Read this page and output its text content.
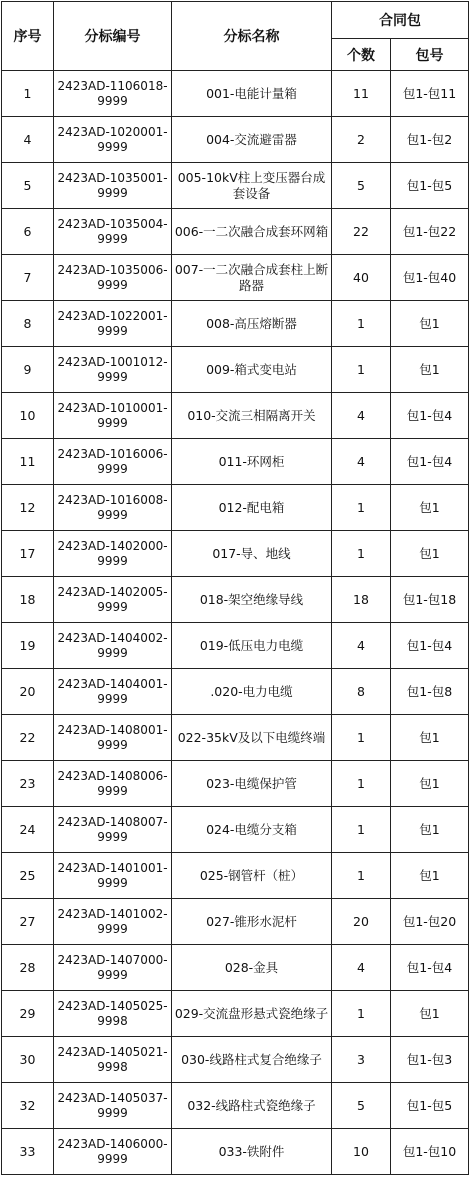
序号	分标编号	分标名称	合同包	
			个数	包号
1	2423AD-1106018-9999	001-电能计量箱	11	包1-包11
4	2423AD-1020001-9999	004-交流避雷器	2	包1-包2
5	2423AD-1035001-9999	005-10kV柱上变压器台成套设备	5	包1-包5
6	2423AD-1035004-9999	006-一二次融合成套环网箱	22	包1-包22
7	2423AD-1035006-9999	007-一二次融合成套柱上断路器	40	包1-包40
8	2423AD-1022001-9999	008-高压熔断器	1	包1
9	2423AD-1001012-9999	009-箱式变电站	1	包1
10	2423AD-1010001-9999	010-交流三相隔离开关	4	包1-包4
11	2423AD-1016006-9999	011-环网柜	4	包1-包4
12	2423AD-1016008-9999	012-配电箱	1	包1
17	2423AD-1402000-9999	017-导、地线	1	包1
18	2423AD-1402005-9999	018-架空绝缘导线	18	包1-包18
19	2423AD-1404002-9999	019-低压电力电缆	4	包1-包4
20	2423AD-1404001-9999	.020-电力电缆	8	包1-包8
22	2423AD-1408001-9999	022-35kV及以下电缆终端	1	包1
23	2423AD-1408006-9999	023-电缆保护管	1	包1
24	2423AD-1408007-9999	024-电缆分支箱	1	包1
25	2423AD-1401001-9999	025-钢管杆（桩）	1	包1
27	2423AD-1401002-9999	027-锥形水泥杆	20	包1-包20
28	2423AD-1407000-9999	028-金具	4	包1-包4
29	2423AD-1405025-9998	029-交流盘形悬式瓷绝缘子	1	包1
30	2423AD-1405021-9998	030-线路柱式复合绝缘子	3	包1-包3
32	2423AD-1405037-9999	032-线路柱式瓷绝缘子	5	包1-包5
33	2423AD-1406000-9999	033-铁附件	10	包1-包10
